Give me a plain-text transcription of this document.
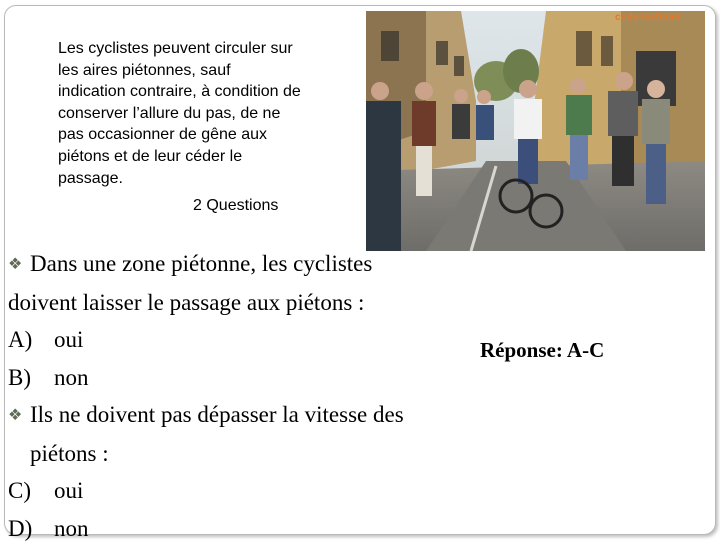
Les cyclistes peuvent circuler sur
les aires piétonnes, sauf
indication contraire, à condition de
conserver l’allure du pas, de ne
pas occasionner de gêne aux
piétons et de leur céder le
passage.
2 Questions
code-lesfr.net
❖ Dans une zone piétonne, les cyclistes
doivent laisser le passage aux piétons :
A) oui
B) non
❖ Ils ne doivent pas dépasser la vitesse des
piétons :
C) oui
D) non
Réponse: A-C
